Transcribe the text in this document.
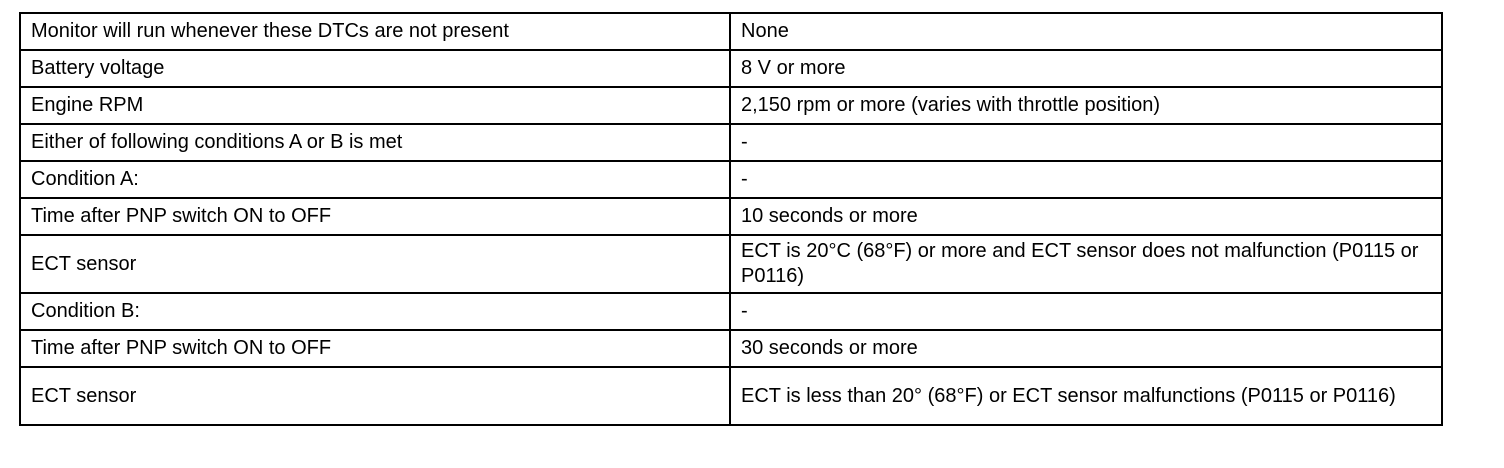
Monitor will run whenever these DTCs are not present	None
Battery voltage	8 V or more
Engine RPM	2,150 rpm or more (varies with throttle position)
Either of following conditions A or B is met	-
Condition A:	-
Time after PNP switch ON to OFF	10 seconds or more
ECT sensor	ECT is 20°C (68°F) or more and ECT sensor does not malfunction (P0115 or P0116)
Condition B:	-
Time after PNP switch ON to OFF	30 seconds or more
ECT sensor	ECT is less than 20° (68°F) or ECT sensor malfunctions (P0115 or P0116)
